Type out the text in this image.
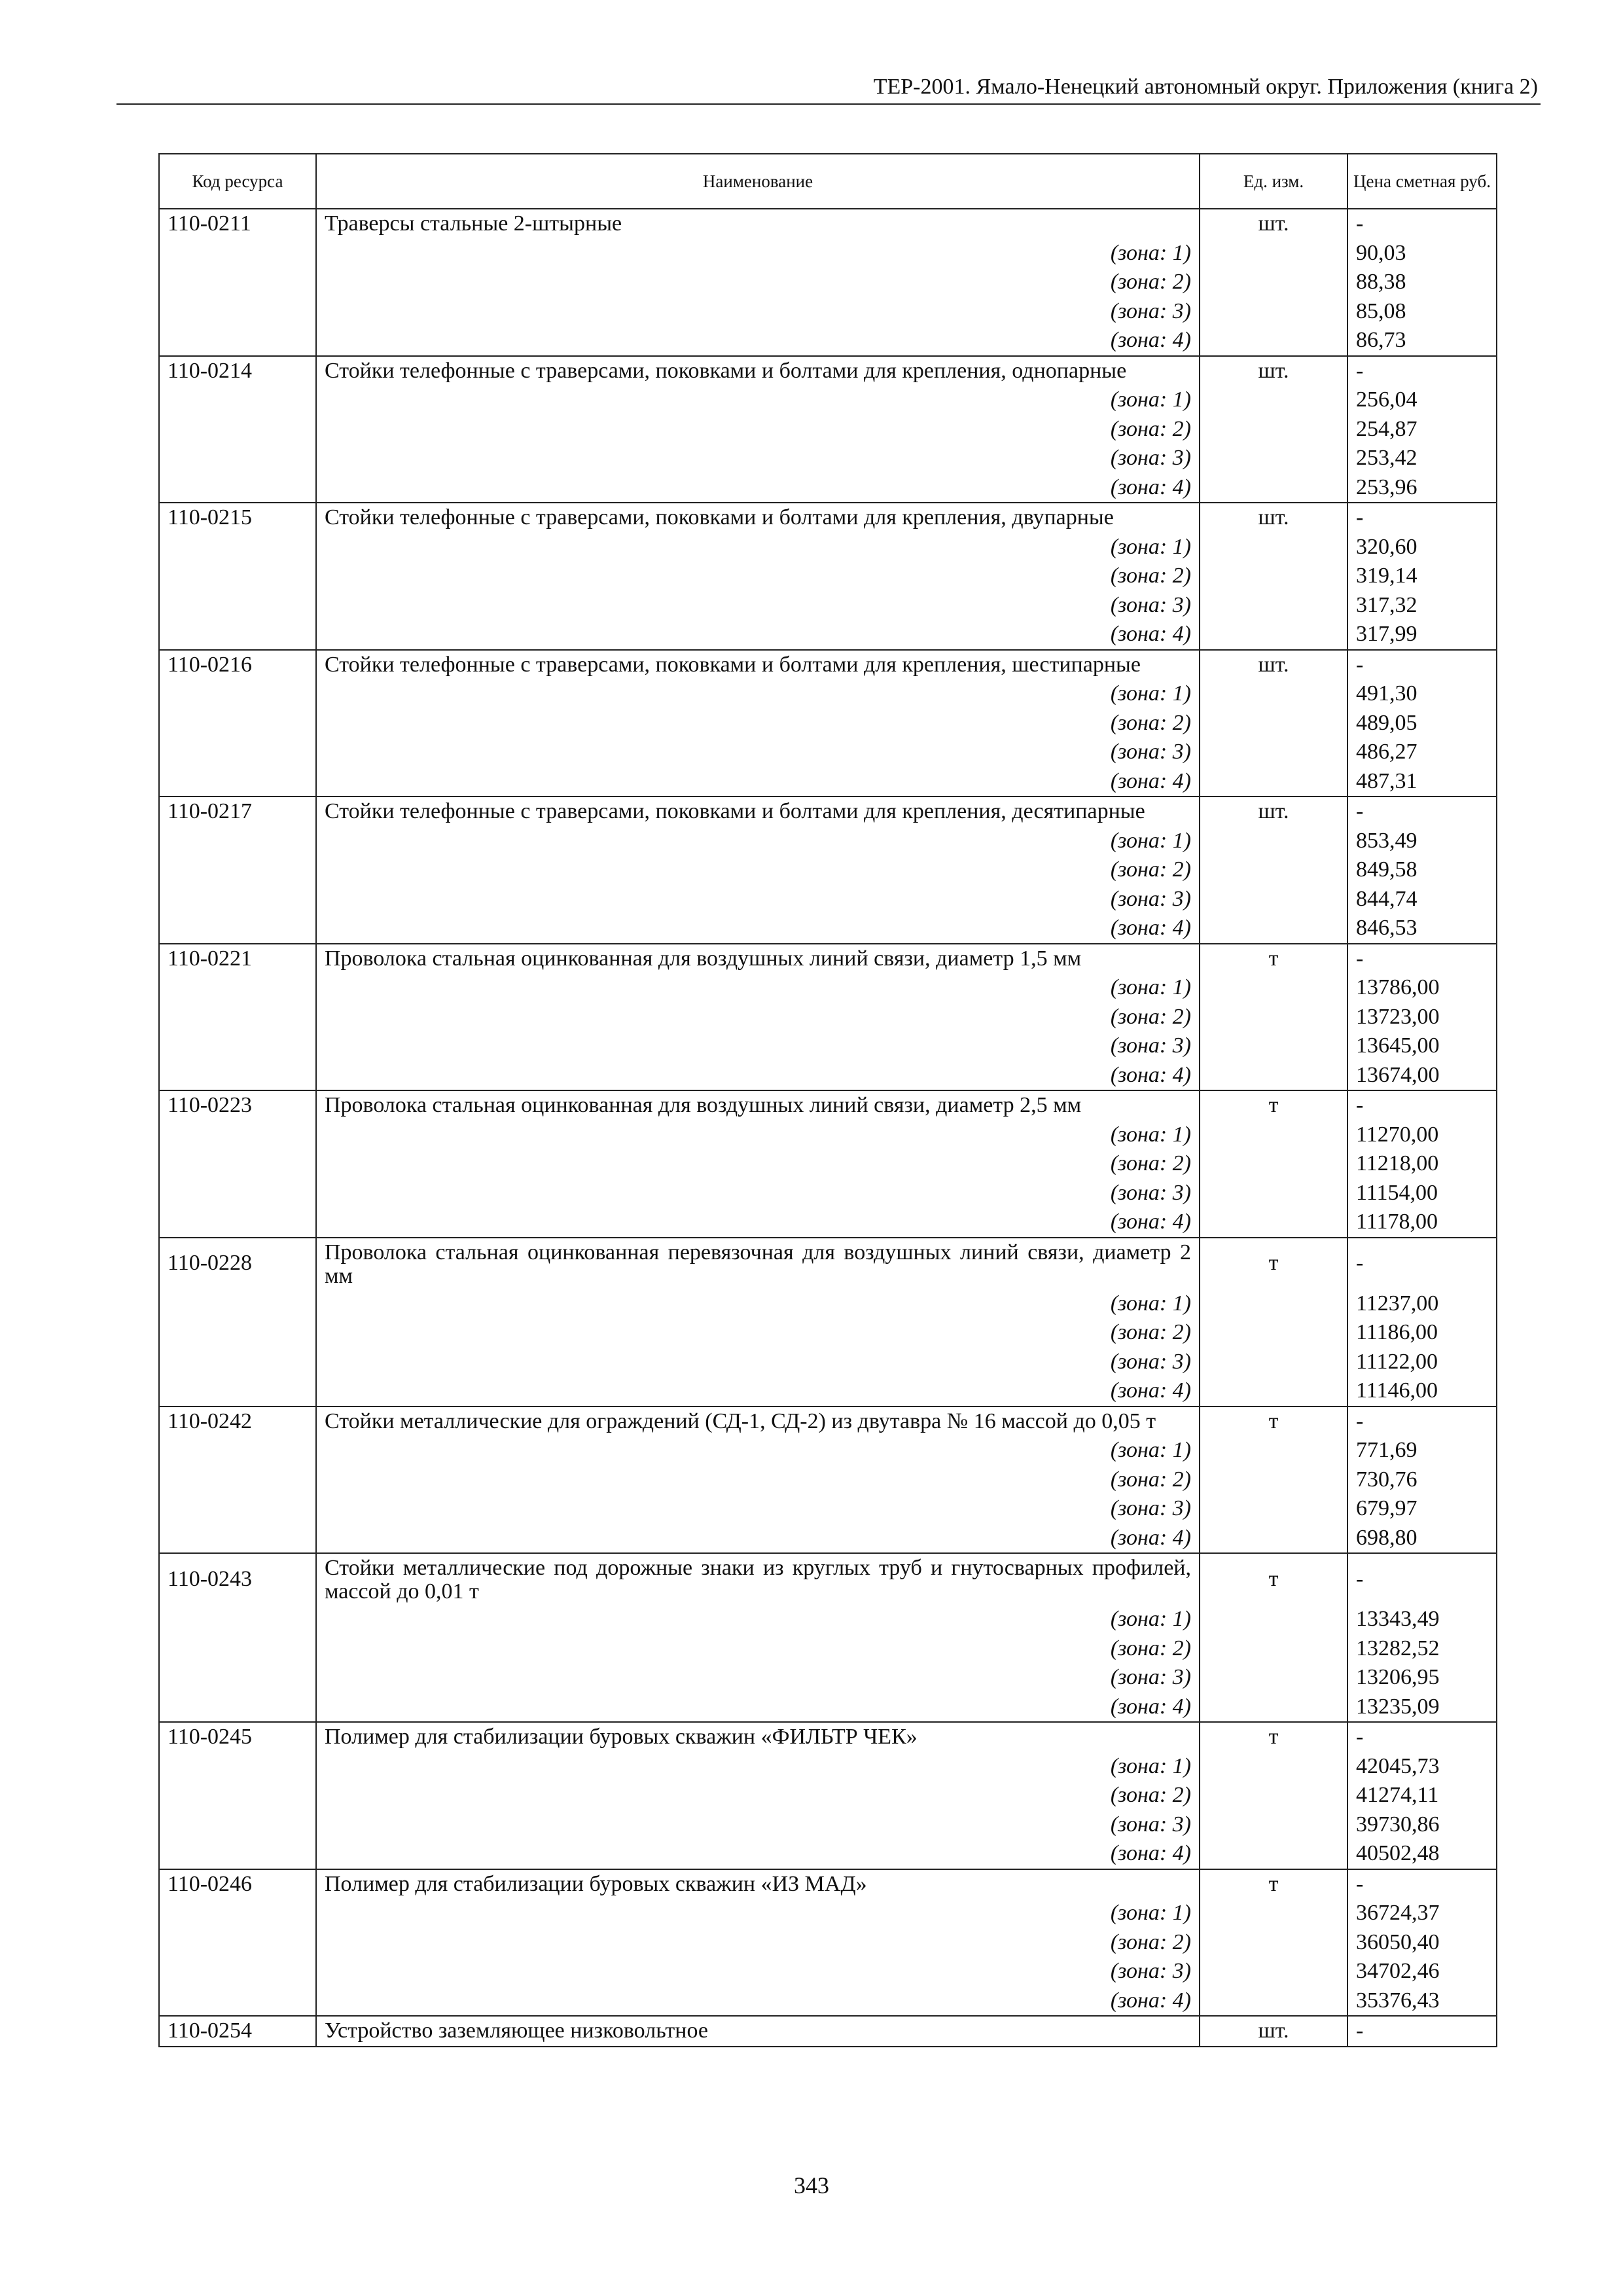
ТЕР-2001. Ямало-Ненецкий автономный округ. Приложения (книга 2)
Код ресурса	Наименование	Ед. изм.	Цена сметная руб.
110-0211	Траверсы стальные 2-штырные	шт.	-
	(зона: 1)		90,03
	(зона: 2)		88,38
	(зона: 3)		85,08
	(зона: 4)		86,73
110-0214	Стойки телефонные с траверсами, поковками и болтами для крепления, однопарные	шт.	-
	(зона: 1)		256,04
	(зона: 2)		254,87
	(зона: 3)		253,42
	(зона: 4)		253,96
110-0215	Стойки телефонные с траверсами, поковками и болтами для крепления, двупарные	шт.	-
	(зона: 1)		320,60
	(зона: 2)		319,14
	(зона: 3)		317,32
	(зона: 4)		317,99
110-0216	Стойки телефонные с траверсами, поковками и болтами для крепления, шестипарные	шт.	-
	(зона: 1)		491,30
	(зона: 2)		489,05
	(зона: 3)		486,27
	(зона: 4)		487,31
110-0217	Стойки телефонные с траверсами, поковками и болтами для крепления, десятипарные	шт.	-
	(зона: 1)		853,49
	(зона: 2)		849,58
	(зона: 3)		844,74
	(зона: 4)		846,53
110-0221	Проволока стальная оцинкованная для воздушных линий связи, диаметр 1,5 мм	т	-
	(зона: 1)		13786,00
	(зона: 2)		13723,00
	(зона: 3)		13645,00
	(зона: 4)		13674,00
110-0223	Проволока стальная оцинкованная для воздушных линий связи, диаметр 2,5 мм	т	-
	(зона: 1)		11270,00
	(зона: 2)		11218,00
	(зона: 3)		11154,00
	(зона: 4)		11178,00
110-0228	Проволока стальная оцинкованная перевязочная для воздушных линий связи, диаметр 2 мм	т	-
	(зона: 1)		11237,00
	(зона: 2)		11186,00
	(зона: 3)		11122,00
	(зона: 4)		11146,00
110-0242	Стойки металлические для ограждений (СД-1, СД-2) из двутавра № 16 массой до 0,05 т	т	-
	(зона: 1)		771,69
	(зона: 2)		730,76
	(зона: 3)		679,97
	(зона: 4)		698,80
110-0243	Стойки металлические под дорожные знаки из круглых труб и гнутосварных профилей, массой до 0,01 т	т	-
	(зона: 1)		13343,49
	(зона: 2)		13282,52
	(зона: 3)		13206,95
	(зона: 4)		13235,09
110-0245	Полимер для стабилизации буровых скважин «ФИЛЬТР ЧЕК»	т	-
	(зона: 1)		42045,73
	(зона: 2)		41274,11
	(зона: 3)		39730,86
	(зона: 4)		40502,48
110-0246	Полимер для стабилизации буровых скважин «ИЗ МАД»	т	-
	(зона: 1)		36724,37
	(зона: 2)		36050,40
	(зона: 3)		34702,46
	(зона: 4)		35376,43
110-0254	Устройство заземляющее низковольтное	шт.	-
343
